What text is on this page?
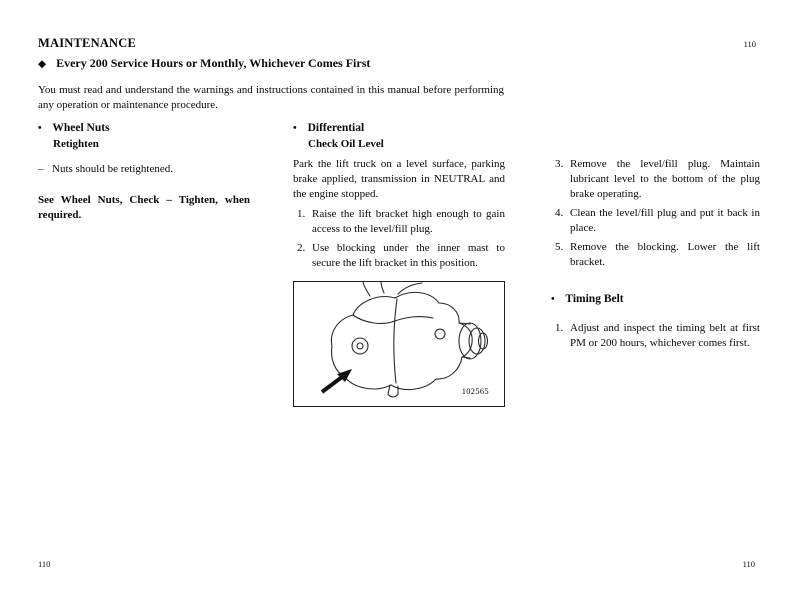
MAINTENANCE	110
◆ Every 200 Service Hours or Monthly, Whichever Comes First
You must read and understand the warnings and instructions contained in this manual before performing any operation or maintenance procedure.
• Wheel Nuts
Retighten
– Nuts should be retightened.
See Wheel Nuts, Check – Tighten, when required.
• Differential
Check Oil Level
Park the lift truck on a level surface, parking brake applied, transmission in NEUTRAL and the engine stopped.
1. Raise the lift bracket high enough to gain access to the level/fill plug.
2. Use blocking under the inner mast to secure the lift bracket in this position.
102565
3. Remove the level/fill plug. Maintain lubricant level to the bottom of the plug brake operating.
4. Clean the level/fill plug and put it back in place.
5. Remove the blocking. Lower the lift bracket.
• Timing Belt
1. Adjust and inspect the timing belt at first PM or 200 hours, whichever comes first.
110	110
